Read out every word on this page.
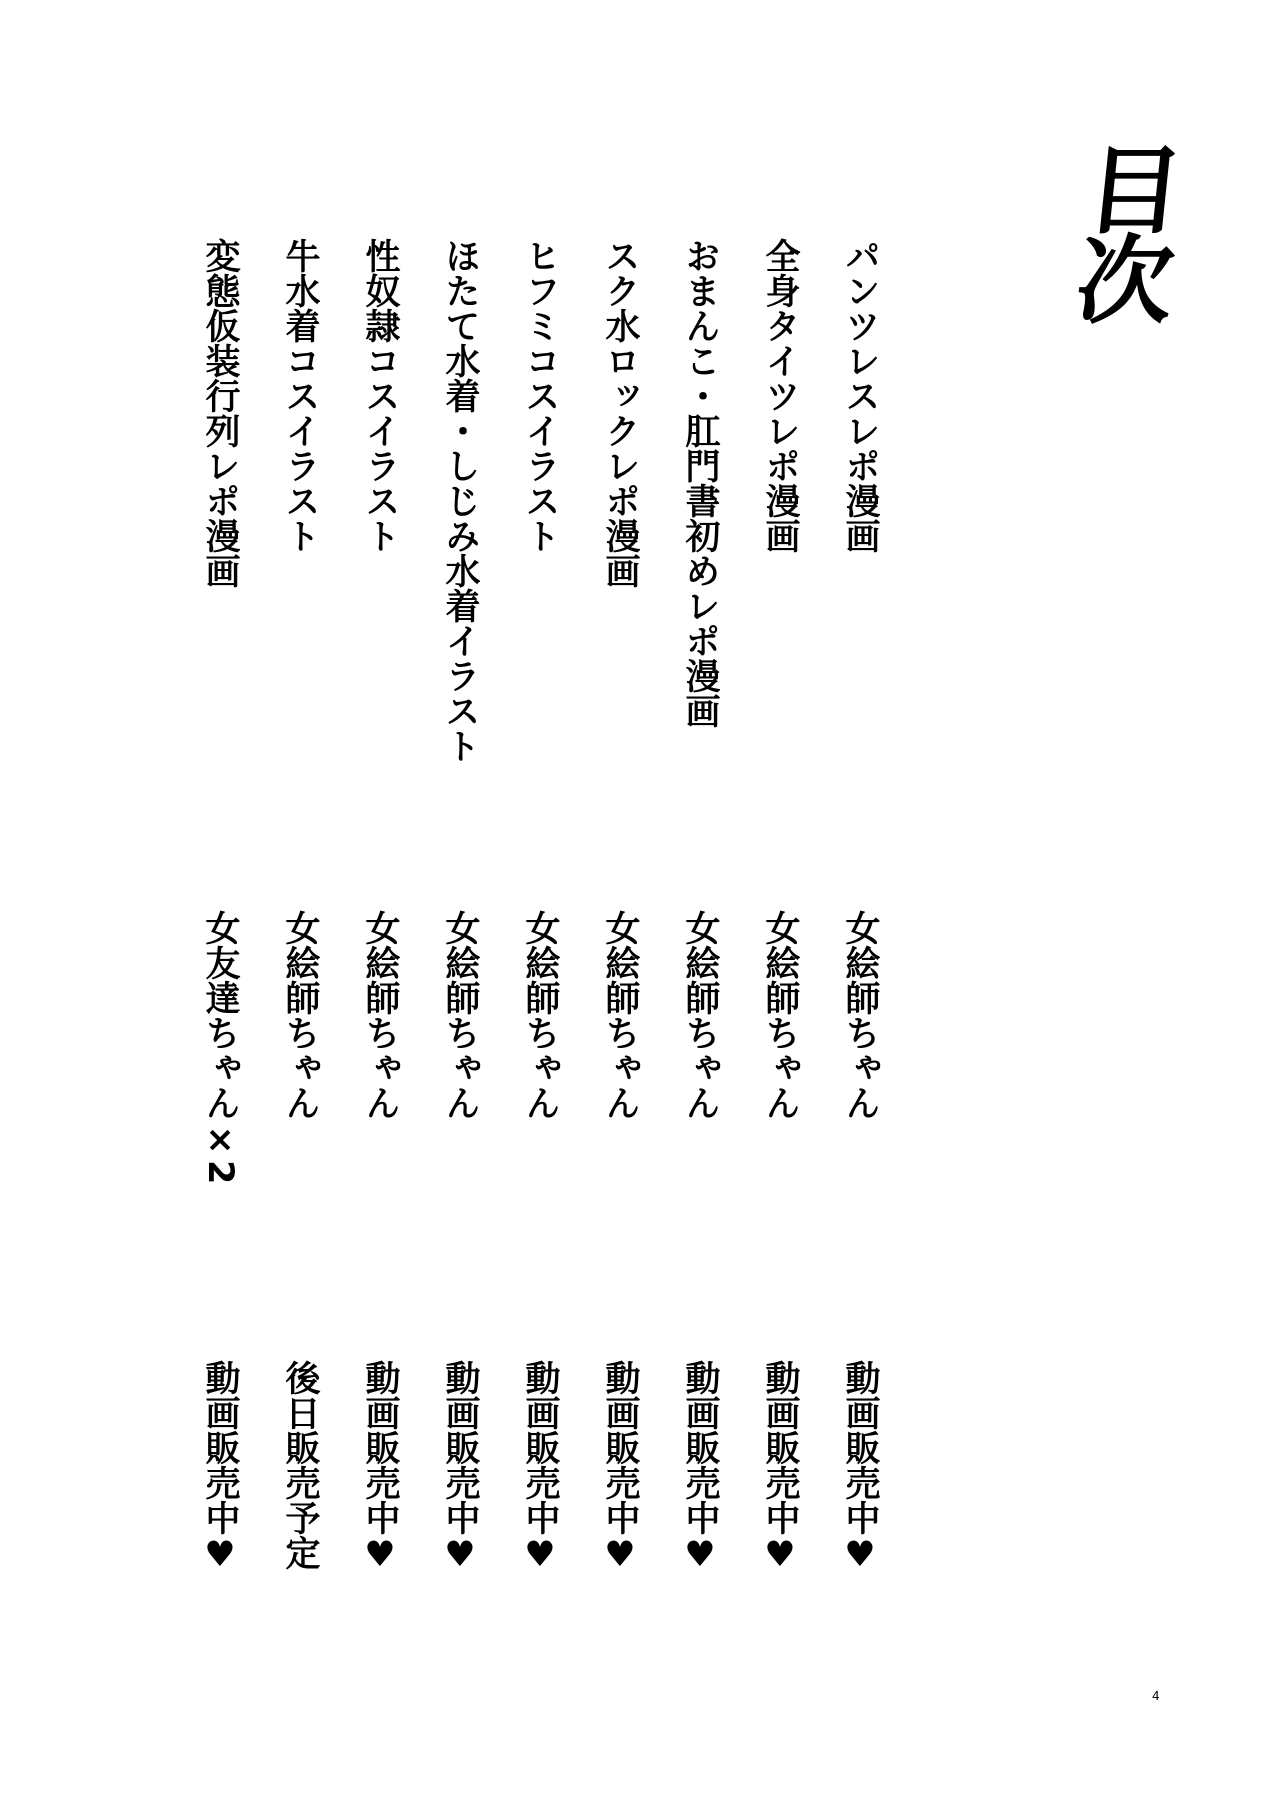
目次
パンツレスレポ漫画
全身タイツレポ漫画
おまんこ・肛門書初めレポ漫画
スク水ロックレポ漫画
ヒフミコスイラスト
ほたて水着・しじみ水着イラスト
性奴隷コスイラスト
牛水着コスイラスト
変態仮装行列レポ漫画
女絵師ちゃん
女絵師ちゃん
女絵師ちゃん
女絵師ちゃん
女絵師ちゃん
女絵師ちゃん
女絵師ちゃん
女絵師ちゃん
女友達ちゃん×2
動画販売中♥
動画販売中♥
動画販売中♥
動画販売中♥
動画販売中♥
動画販売中♥
動画販売中♥
後日販売予定
動画販売中♥
4
